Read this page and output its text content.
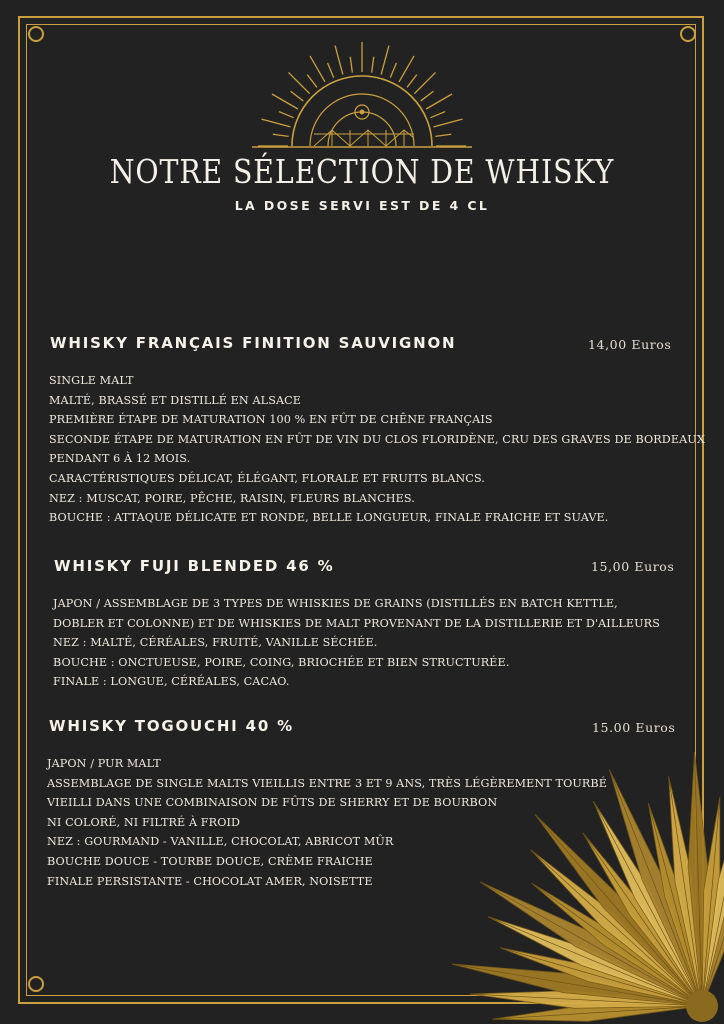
NOTRE SÉLECTION DE WHISKY
LA DOSE SERVI EST DE 4 CL
WHISKY FRANÇAIS FINITION SAUVIGNON	14,00 Euros
SINGLE MALT
MALTÉ, BRASSÉ ET DISTILLÉ EN ALSACE
PREMIÈRE ÉTAPE DE MATURATION 100 % EN FÛT DE CHÊNE FRANÇAIS
SECONDE ÉTAPE DE MATURATION EN FÛT DE VIN DU CLOS FLORIDÈNE, CRU DES GRAVES DE BORDEAUX
PENDANT 6 À 12 MOIS.
CARACTÉRISTIQUES DÉLICAT, ÉLÉGANT, FLORALE ET FRUITS BLANCS.
NEZ : MUSCAT, POIRE, PÊCHE, RAISIN, FLEURS BLANCHES.
BOUCHE : ATTAQUE DÉLICATE ET RONDE, BELLE LONGUEUR, FINALE FRAICHE ET SUAVE.
WHISKY FUJI BLENDED 46 %	15,00 Euros
JAPON / ASSEMBLAGE DE 3 TYPES DE WHISKIES DE GRAINS (DISTILLÉS EN BATCH KETTLE,
DOBLER ET COLONNE) ET DE WHISKIES DE MALT PROVENANT DE LA DISTILLERIE ET D'AILLEURS
NEZ : MALTÉ, CÉRÉALES, FRUITÉ, VANILLE SÉCHÉE.
BOUCHE : ONCTUEUSE, POIRE, COING, BRIOCHÉE ET BIEN STRUCTURÉE.
FINALE : LONGUE, CÉRÉALES, CACAO.
WHISKY TOGOUCHI 40 %	15.00 Euros
JAPON / PUR MALT
ASSEMBLAGE DE SINGLE MALTS VIEILLIS ENTRE 3 ET 9 ANS, TRÈS LÉGÈREMENT TOURBÉ
VIEILLI DANS UNE COMBINAISON DE FÛTS DE SHERRY ET DE BOURBON
NI COLORÉ, NI FILTRÉ À FROID
NEZ : GOURMAND - VANILLE, CHOCOLAT, ABRICOT MÛR
BOUCHE DOUCE - TOURBE DOUCE, CRÈME FRAICHE
FINALE PERSISTANTE - CHOCOLAT AMER, NOISETTE
